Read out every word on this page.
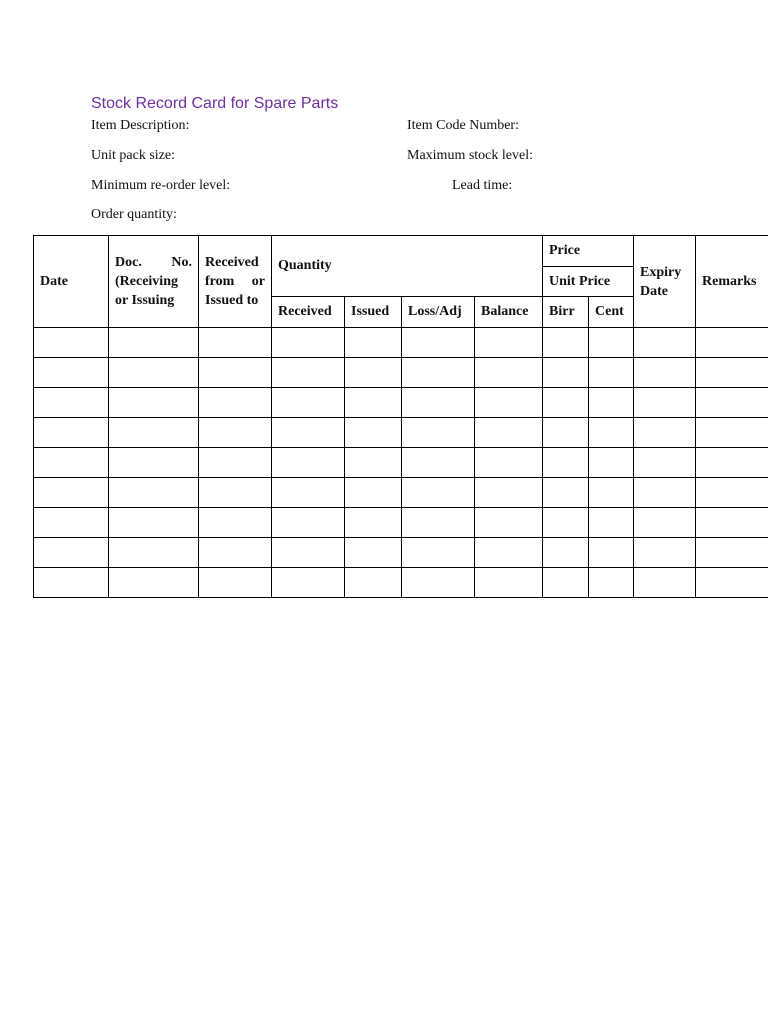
Stock Record Card for Spare Parts
Item Description:	Item Code Number:
Unit pack size:	Maximum stock level:
Minimum re-order level:	Lead time:
Order quantity:
Date	Doc. No. (Receiving or Issuing	Received from or Issued to	Quantity				Price		Expiry Date	Remarks
							Unit Price			
			Received	Issued	Loss/Adj	Balance	Birr	Cent		
